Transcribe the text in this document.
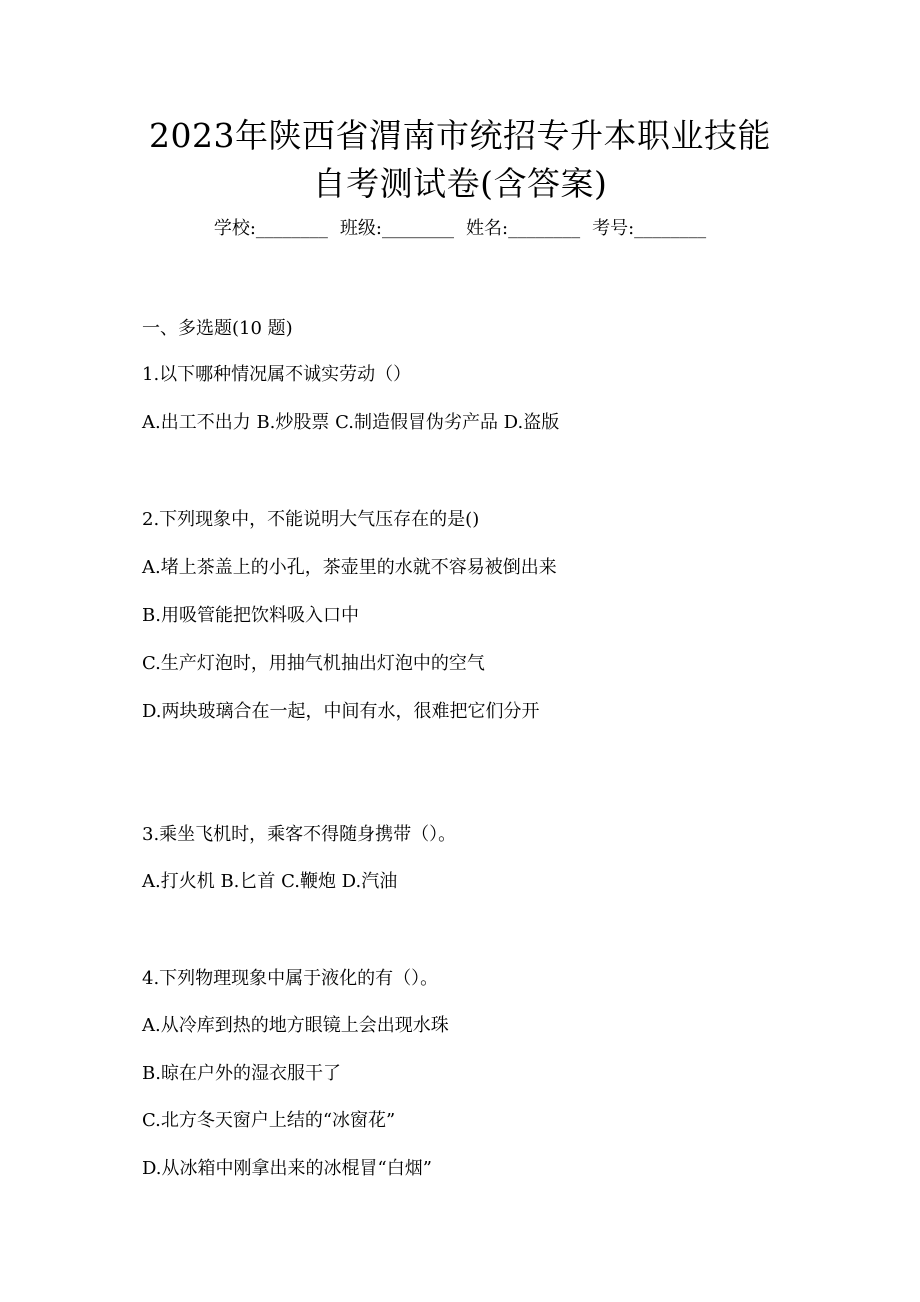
2023年陕西省渭南市统招专升本职业技能
自考测试卷(含答案)
学校:________ 班级:________ 姓名:________ 考号:________
一、多选题(10 题)
1.以下哪种情况属不诚实劳动（）
A.出工不出力 B.炒股票 C.制造假冒伪劣产品 D.盗版
2.下列现象中，不能说明大气压存在的是()
A.堵上茶盖上的小孔，茶壶里的水就不容易被倒出来
B.用吸管能把饮料吸入口中
C.生产灯泡时，用抽气机抽出灯泡中的空气
D.两块玻璃合在一起，中间有水，很难把它们分开
3.乘坐飞机时，乘客不得随身携带（）。
A.打火机 B.匕首 C.鞭炮 D.汽油
4.下列物理现象中属于液化的有（）。
A.从冷库到热的地方眼镜上会出现水珠
B.晾在户外的湿衣服干了
C.北方冬天窗户上结的“冰窗花”
D.从冰箱中刚拿出来的冰棍冒“白烟”
